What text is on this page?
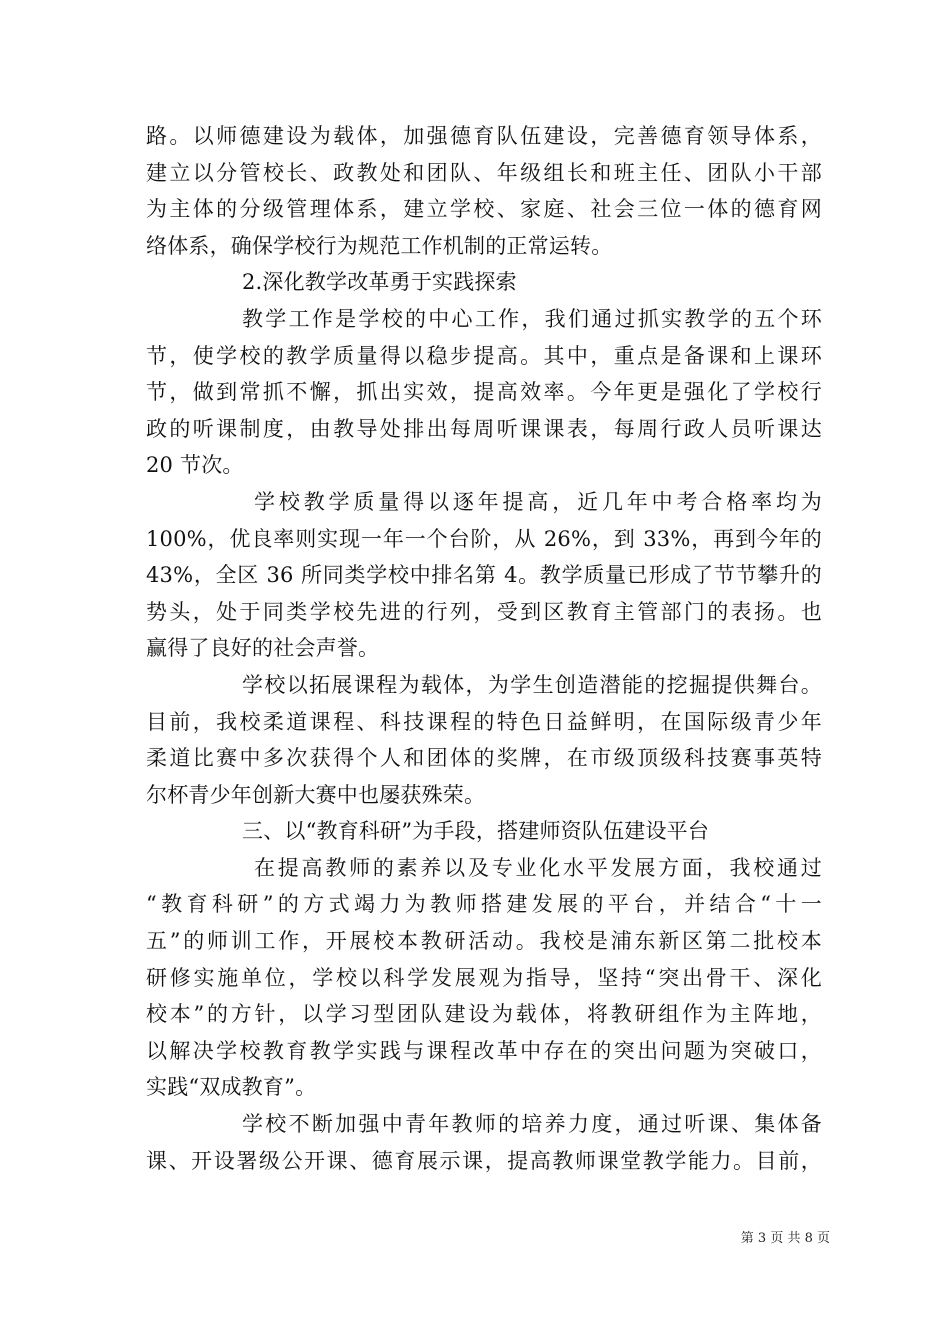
路。以师德建设为载体，加强德育队伍建设，完善德育领导体系，
建立以分管校长、政教处和团队、年级组长和班主任、团队小干部
为主体的分级管理体系，建立学校、家庭、社会三位一体的德育网
络体系，确保学校行为规范工作机制的正常运转。
2.深化教学改革勇于实践探索
教学工作是学校的中心工作，我们通过抓实教学的五个环
节，使学校的教学质量得以稳步提高。其中，重点是备课和上课环
节，做到常抓不懈，抓出实效，提高效率。今年更是强化了学校行
政的听课制度，由教导处排出每周听课课表，每周行政人员听课达
20 节次。
学校教学质量得以逐年提高，近几年中考合格率均为
100%，优良率则实现一年一个台阶，从 26%，到 33%，再到今年的
43%，全区 36 所同类学校中排名第 4。教学质量已形成了节节攀升的
势头，处于同类学校先进的行列，受到区教育主管部门的表扬。也
赢得了良好的社会声誉。
学校以拓展课程为载体，为学生创造潜能的挖掘提供舞台。
目前，我校柔道课程、科技课程的特色日益鲜明，在国际级青少年
柔道比赛中多次获得个人和团体的奖牌，在市级顶级科技赛事英特
尔杯青少年创新大赛中也屡获殊荣。
三、以“教育科研”为手段，搭建师资队伍建设平台
在提高教师的素养以及专业化水平发展方面，我校通过
“教育科研”的方式竭力为教师搭建发展的平台，并结合“十一
五”的师训工作，开展校本教研活动。我校是浦东新区第二批校本
研修实施单位，学校以科学发展观为指导，坚持“突出骨干、深化
校本”的方针，以学习型团队建设为载体，将教研组作为主阵地，
以解决学校教育教学实践与课程改革中存在的突出问题为突破口，
实践“双成教育”。
学校不断加强中青年教师的培养力度，通过听课、集体备
课、开设署级公开课、德育展示课，提高教师课堂教学能力。目前，
第 3 页 共 8 页
